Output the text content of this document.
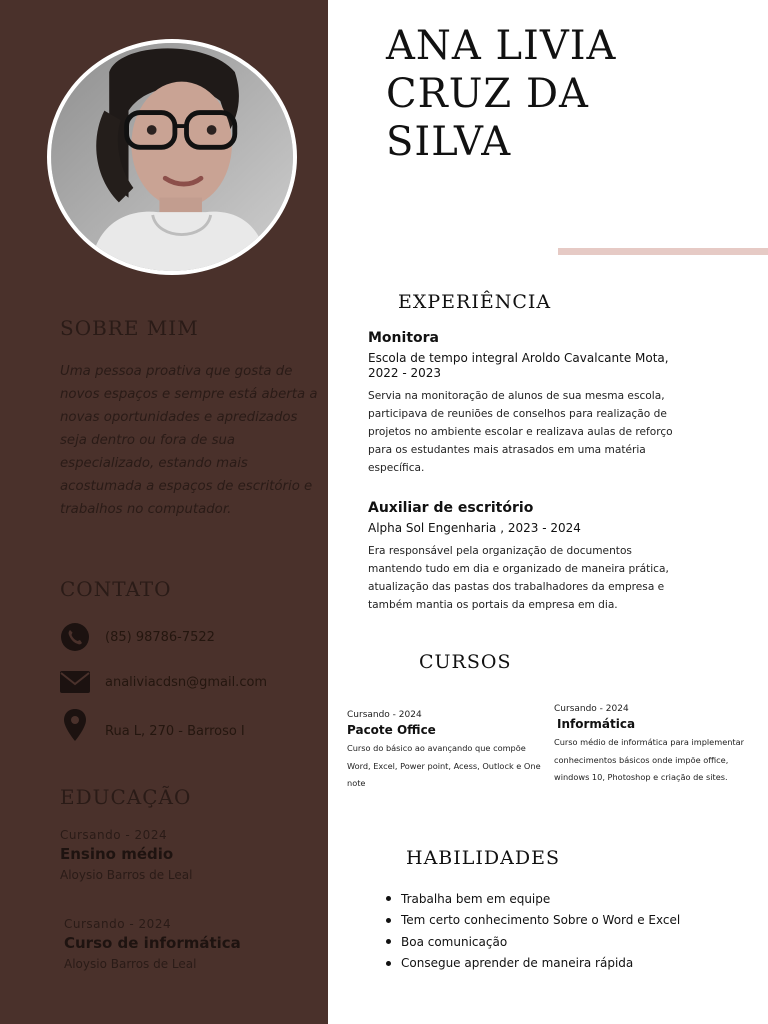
SOBRE MIM

Uma pessoa proativa que gosta de novos espaços e sempre está aberta a novas oportunidades e apredizados seja dentro ou fora de sua especializado, estando mais acostumada a espaços de escritório e trabalhos no computador.

CONTATO
(85) 98786-7522
analiviacdsn@gmail.com
Rua L, 270 - Barroso I
EDUCAÇÃO
Cursando - 2024
Ensino médio
Aloysio Barros de Leal
Cursando - 2024
Curso de informática
Aloysio Barros de Leal
ANA LIVIA
CRUZ DA
SILVA
EXPERIÊNCIA
Monitora
Escola de tempo integral Aroldo Cavalcante Mota, 2022 - 2023
Servia na monitoração de alunos de sua mesma escola, participava de reuniões de conselhos para realização de projetos no ambiente escolar e realizava aulas de reforço para os estudantes mais atrasados em uma matéria específica.
Auxiliar de escritório
Alpha Sol Engenharia , 2023 - 2024
Era responsável pela organização de documentos mantendo tudo em dia e organizado de maneira prática, atualização das pastas dos trabalhadores da empresa e também mantia os portais da empresa em dia.
CURSOS
Cursando - 2024
Pacote Office
Curso do básico ao avançando que compõe Word, Excel, Power point, Acess, Outlock e One note
Cursando - 2024
Informática
Curso médio de informática para implementar conhecimentos básicos onde impõe office, windows 10, Photoshop e criação de sites.
HABILIDADES
Trabalha bem em equipe
Tem certo conhecimento Sobre o Word e Excel
Boa comunicação
Consegue aprender de maneira rápida
